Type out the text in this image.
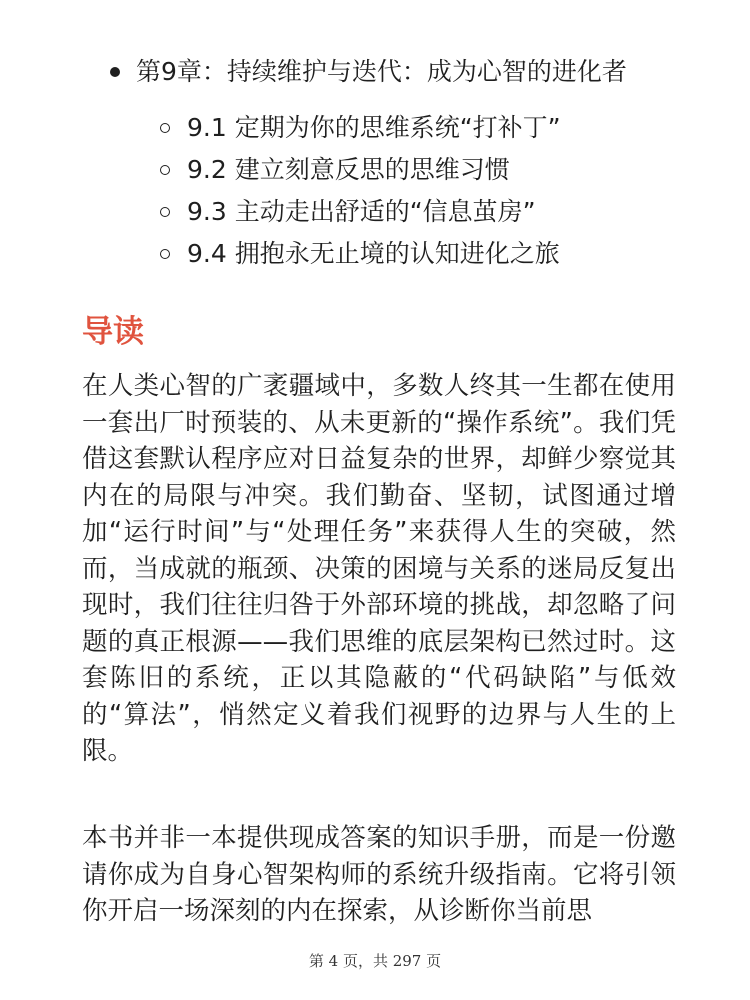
第9章：持续维护与迭代：成为心智的进化者
9.1 定期为你的思维系统“打补丁”
9.2 建立刻意反思的思维习惯
9.3 主动走出舒适的“信息茧房”
9.4 拥抱永无止境的认知进化之旅
导读

在人类心智的广袤疆域中，多数人终其一生都在使用一套出厂时预装的、从未更新的“操作系统”。我们凭借这套默认程序应对日益复杂的世界，却鲜少察觉其内在的局限与冲突。我们勤奋、坚韧，试图通过增加“运行时间”与“处理任务”来获得人生的突破，然而，当成就的瓶颈、决策的困境与关系的迷局反复出现时，我们往往归咎于外部环境的挑战，却忽略了问题的真正根源——我们思维的底层架构已然过时。这套陈旧的系统，正以其隐蔽的“代码缺陷”与低效的“算法”，悄然定义着我们视野的边界与人生的上限。

本书并非一本提供现成答案的知识手册，而是一份邀请你成为自身心智架构师的系统升级指南。它将引领你开启一场深刻的内在探索，从诊断你当前思

第 4 页，共 297 页
